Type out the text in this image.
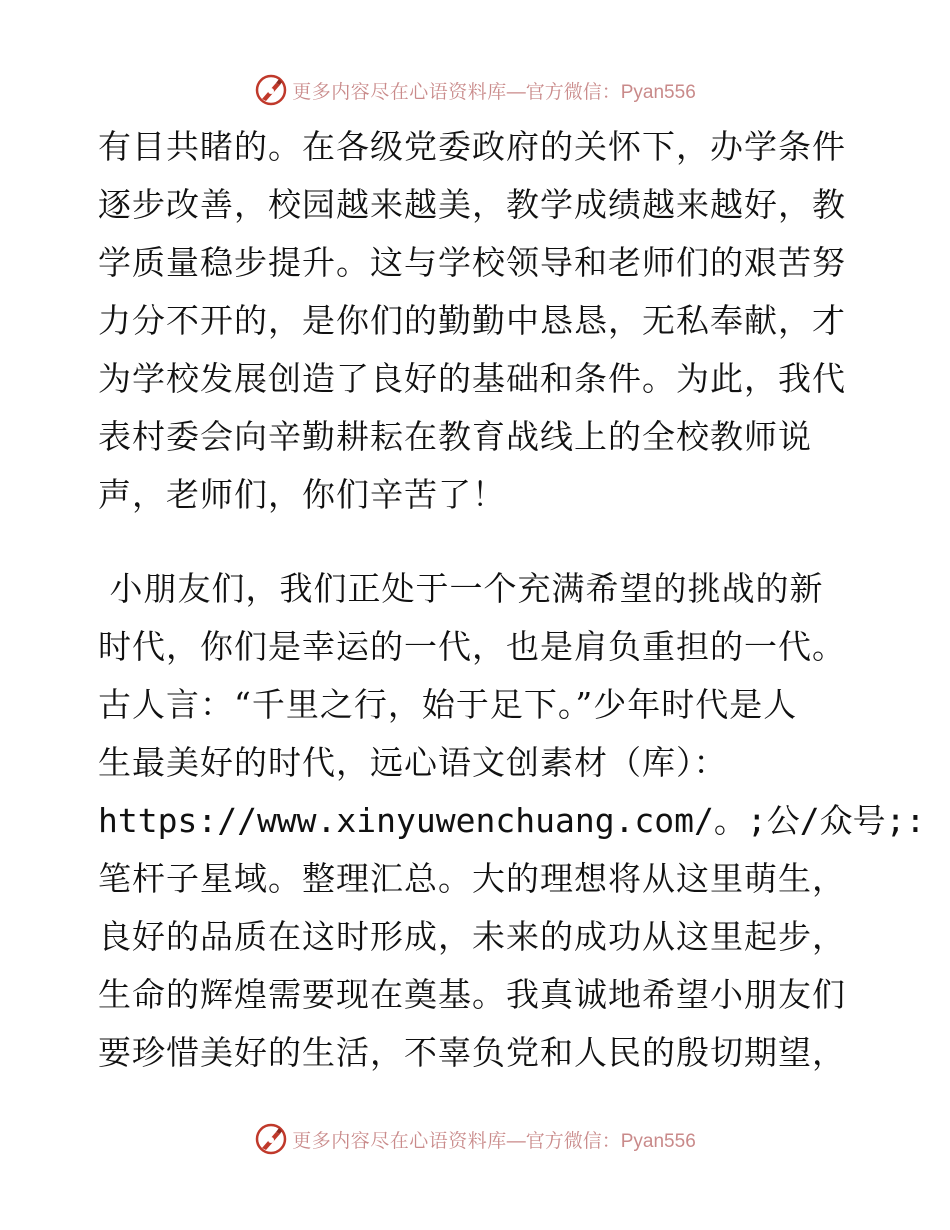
更多内容尽在心语资料库 —官方微信：Pyan556
有目共睹的。在各级党委政府的关怀下，办学条件
逐步改善，校园越来越美，教学成绩越来越好，教
学质量稳步提升。这与学校领导和老师们的艰苦努
力分不开的，是你们的勤勤中恳恳，无私奉献，才
为学校发展创造了良好的基础和条件。为此，我代
表村委会向辛勤耕耘在教育战线上的全校教师说
声，老师们，你们辛苦了！
小朋友们，我们正处于一个充满希望的挑战的新
时代，你们是幸运的一代，也是肩负重担的一代。
古人言：“千里之行，始于足下。”少年时代是人
生最美好的时代，远心语文创素材（库）：
https://www.xinyuwenchuang.com/。;公/众号;:
笔杆子星域。整理汇总。大的理想将从这里萌生，
良好的品质在这时形成，未来的成功从这里起步，
生命的辉煌需要现在奠基。我真诚地希望小朋友们
要珍惜美好的生活，不辜负党和人民的殷切期望，
更多内容尽在心语资料库 —官方微信：Pyan556
